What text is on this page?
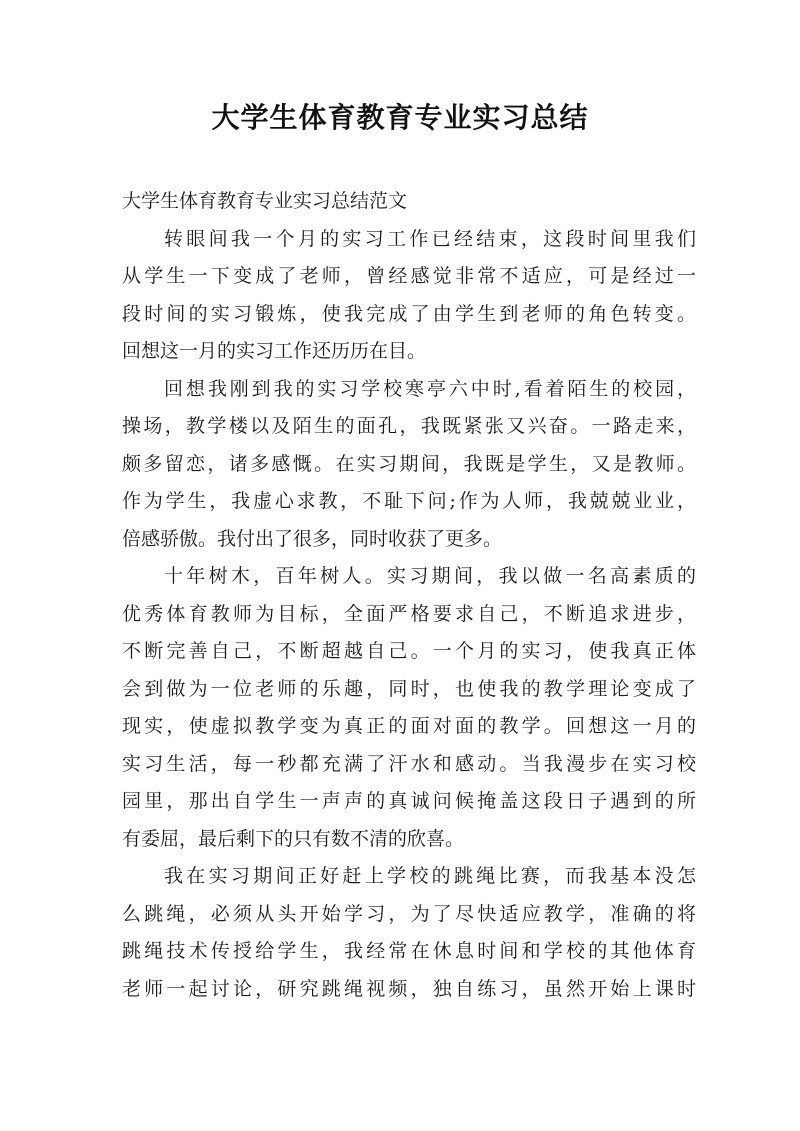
大学生体育教育专业实习总结
大学生体育教育专业实习总结范文
转眼间我一个月的实习工作已经结束，这段时间里我们
从学生一下变成了老师，曾经感觉非常不适应，可是经过一
段时间的实习锻炼，使我完成了由学生到老师的角色转变。
回想这一月的实习工作还历历在目。
回想我刚到我的实习学校寒亭六中时,看着陌生的校园，
操场，教学楼以及陌生的面孔，我既紧张又兴奋。一路走来，
颇多留恋，诸多感慨。在实习期间，我既是学生，又是教师。
作为学生，我虚心求教，不耻下问;作为人师，我兢兢业业，
倍感骄傲。我付出了很多，同时收获了更多。
十年树木，百年树人。实习期间，我以做一名高素质的
优秀体育教师为目标，全面严格要求自己，不断追求进步，
不断完善自己，不断超越自己。一个月的实习，使我真正体
会到做为一位老师的乐趣，同时，也使我的教学理论变成了
现实，使虚拟教学变为真正的面对面的教学。回想这一月的
实习生活，每一秒都充满了汗水和感动。当我漫步在实习校
园里，那出自学生一声声的真诚问候掩盖这段日子遇到的所
有委屈，最后剩下的只有数不清的欣喜。
我在实习期间正好赶上学校的跳绳比赛，而我基本没怎
么跳绳，必须从头开始学习，为了尽快适应教学，准确的将
跳绳技术传授给学生，我经常在休息时间和学校的其他体育
老师一起讨论，研究跳绳视频，独自练习，虽然开始上课时
